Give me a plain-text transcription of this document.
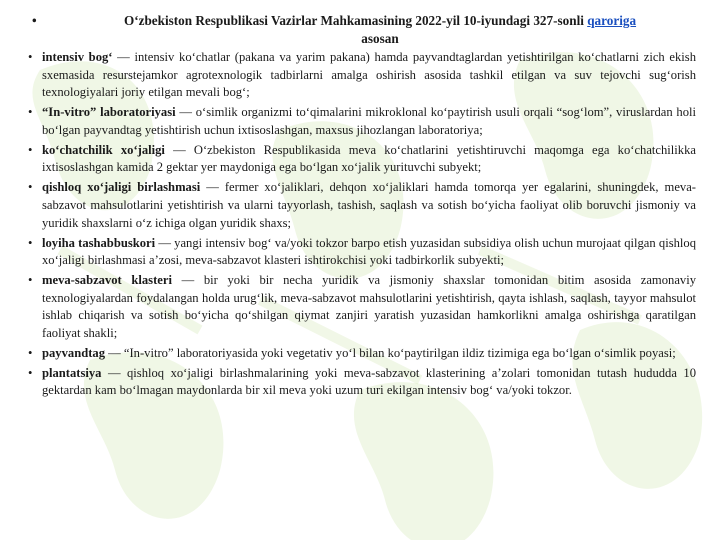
•	O‘zbekiston Respublikasi Vazirlar Mahkamasining 2022-yil 10-iyundagi 327-sonli qaroriga
asosan
• intensiv bog‘ — intensiv ko‘chatlar (pakana va yarim pakana) hamda payvandtaglardan yetishtirilgan ko‘chatlarni zich ekish sxemasida resurstejamkor agrotexnologik tadbirlarni amalga oshirish asosida tashkil etilgan va suv tejovchi sug‘orish texnologiyalari joriy etilgan mevali bog‘;
• “In-vitro” laboratoriyasi — o‘simlik organizmi to‘qimalarini mikroklonal ko‘paytirish usuli orqali “sog‘lom”, viruslardan holi bo‘lgan payvandtag yetishtirish uchun ixtisoslashgan, maxsus jihozlangan laboratoriya;
• ko‘chatchilik xo‘jaligi — O‘zbekiston Respublikasida meva ko‘chatlarini yetishtiruvchi maqomga ega ko‘chatchilikka ixtisoslashgan kamida 2 gektar yer maydoniga ega bo‘lgan xo‘jalik yurituvchi subyekt;
• qishloq xo‘jaligi birlashmasi — fermer xo‘jaliklari, dehqon xo‘jaliklari hamda tomorqa yer egalarini, shuningdek, meva-sabzavot mahsulotlarini yetishtirish va ularni tayyorlash, tashish, saqlash va sotish bo‘yicha faoliyat olib boruvchi jismoniy va yuridik shaxslarni o‘z ichiga olgan yuridik shaxs;
• loyiha tashabbuskori — yangi intensiv bog‘ va/yoki tokzor barpo etish yuzasidan subsidiya olish uchun murojaat qilgan qishloq xo‘jaligi birlashmasi a’zosi, meva-sabzavot klasteri ishtirokchisi yoki tadbirkorlik subyekti;
• meva-sabzavot klasteri — bir yoki bir necha yuridik va jismoniy shaxslar tomonidan bitim asosida zamonaviy texnologiyalardan foydalangan holda urug‘lik, meva-sabzavot mahsulotlarini yetishtirish, qayta ishlash, saqlash, tayyor mahsulot ishlab chiqarish va sotish bo‘yicha qo‘shilgan qiymat zanjiri yaratish yuzasidan hamkorlikni amalga oshirishga qaratilgan faoliyat shakli;
• payvandtag — “In-vitro” laboratoriyasida yoki vegetativ yo‘l bilan ko‘paytirilgan ildiz tizimiga ega bo‘lgan o‘simlik poyasi;
• plantatsiya — qishloq xo‘jaligi birlashmalarining yoki meva-sabzavot klasterining a’zolari tomonidan tutash hududda 10 gektardan kam bo‘lmagan maydonlarda bir xil meva yoki uzum turi ekilgan intensiv bog‘ va/yoki tokzor.
